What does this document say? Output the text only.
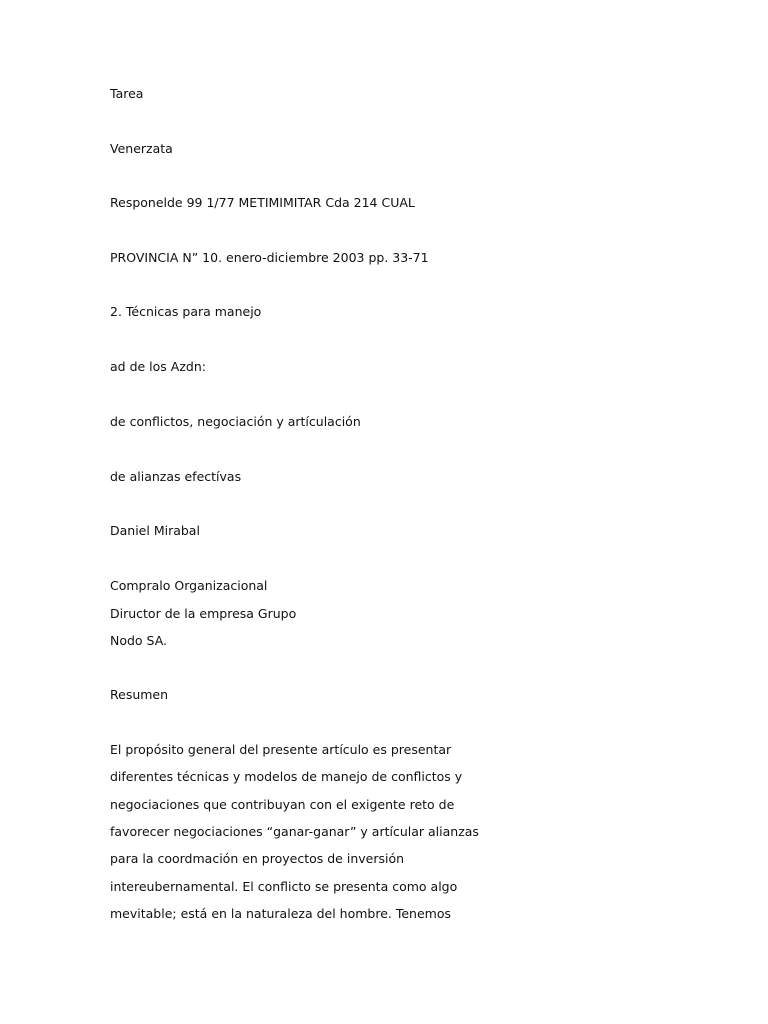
Tarea
Venerzata
Responelde 99 1/77 METIMIMITAR Cda 214 CUAL
PROVINCIA N” 10. enero-diciembre 2003 pp. 33-71
2. Técnicas para manejo
ad de los Azdn:
de conflictos, negociación y artículación
de alianzas efectívas
Daniel Mirabal
Compralo Organizacional
Diructor de la empresa Grupo
Nodo SA.
Resumen
El propósito general del presente artículo es presentar
diferentes técnicas y modelos de manejo de conflictos y
negociaciones que contribuyan con el exigente reto de
favorecer negociaciones “ganar-ganar” y artícular alianzas
para la coordmación en proyectos de inversión
intereubernamental. El conflicto se presenta como algo
mevitable; está en la naturaleza del hombre. Tenemos
